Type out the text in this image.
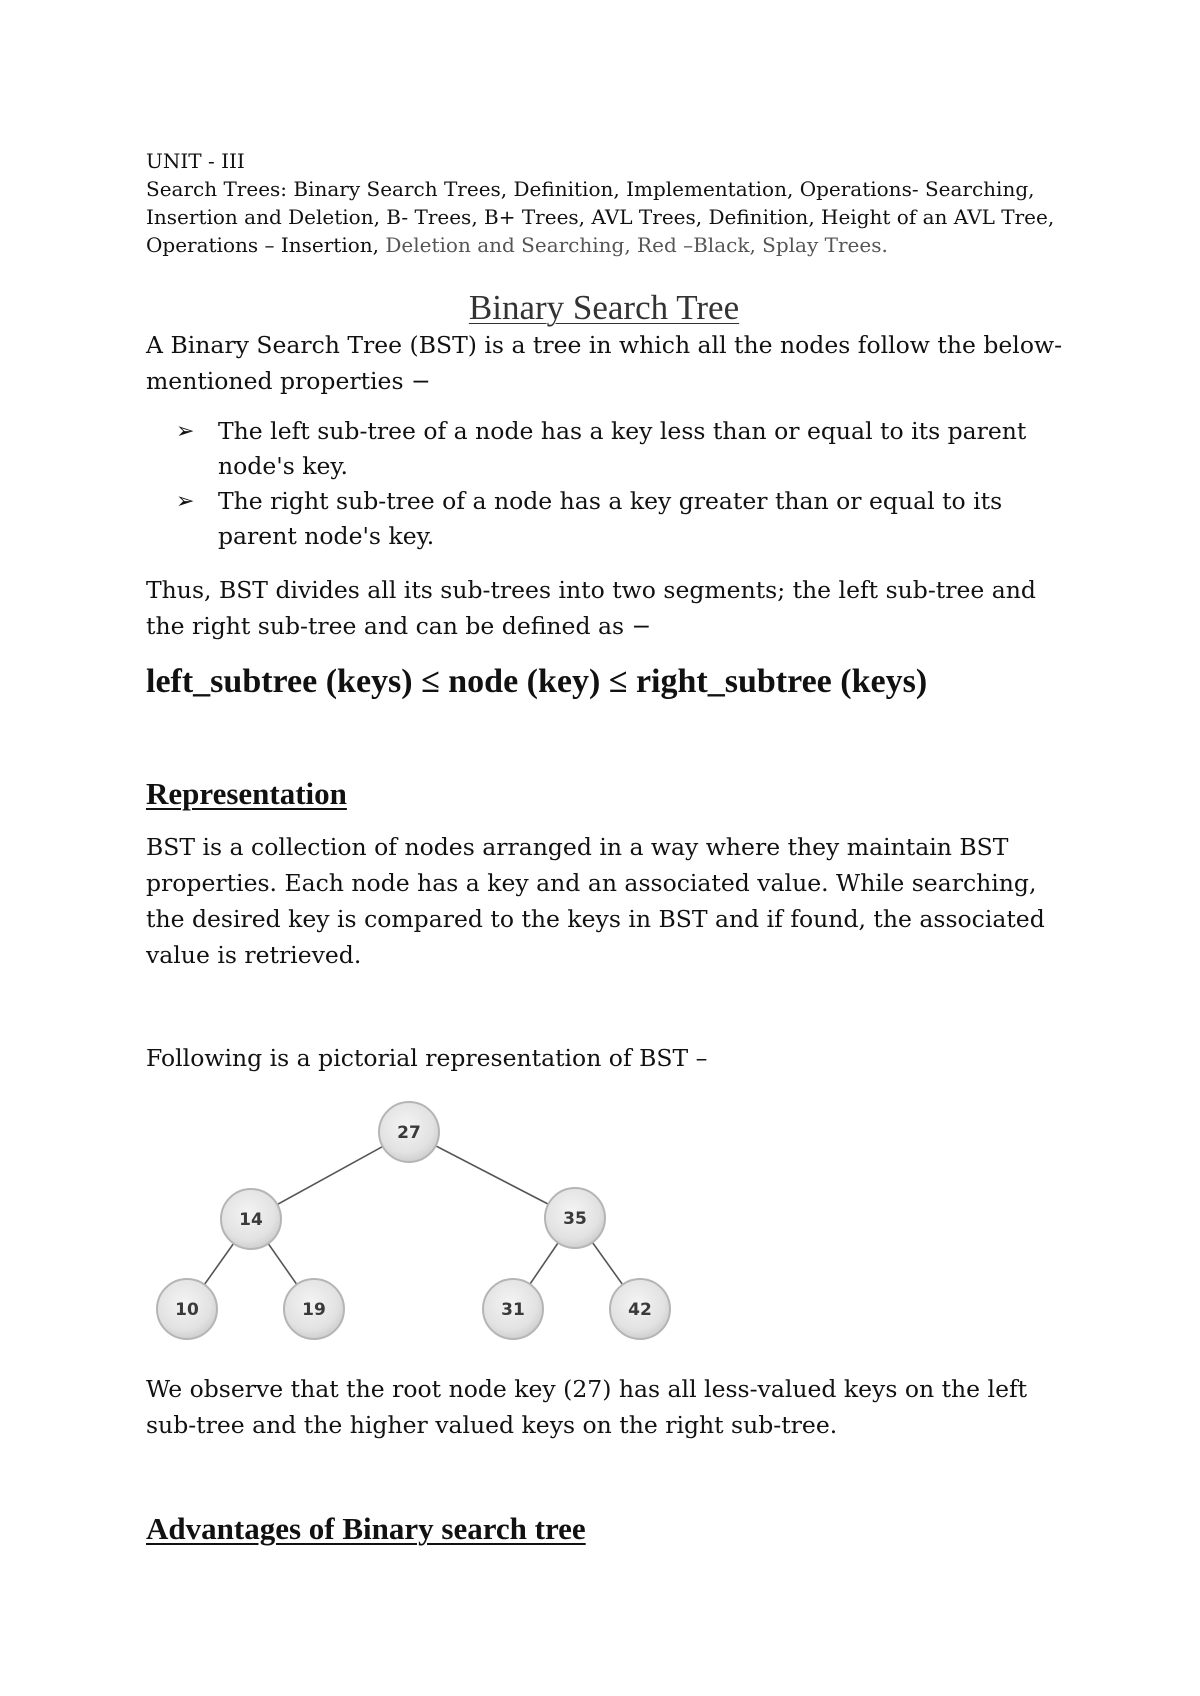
UNIT - III
Search Trees: Binary Search Trees, Definition, Implementation, Operations- Searching, Insertion and Deletion, B- Trees, B+ Trees, AVL Trees, Definition, Height of an AVL Tree, Operations – Insertion, Deletion and Searching, Red –Black, Splay Trees.
Binary Search Tree
A Binary Search Tree (BST) is a tree in which all the nodes follow the below-mentioned properties −
➢ The left sub-tree of a node has a key less than or equal to its parent node's key.
➢ The right sub-tree of a node has a key greater than or equal to its parent node's key.
Thus, BST divides all its sub-trees into two segments; the left sub-tree and the right sub-tree and can be defined as −
left_subtree (keys) ≤ node (key) ≤ right_subtree (keys)
Representation
BST is a collection of nodes arranged in a way where they maintain BST properties. Each node has a key and an associated value. While searching, the desired key is compared to the keys in BST and if found, the associated value is retrieved.
Following is a pictorial representation of BST –
27
14	35
10	19	31	42
We observe that the root node key (27) has all less-valued keys on the left sub-tree and the higher valued keys on the right sub-tree.
Advantages of Binary search tree
